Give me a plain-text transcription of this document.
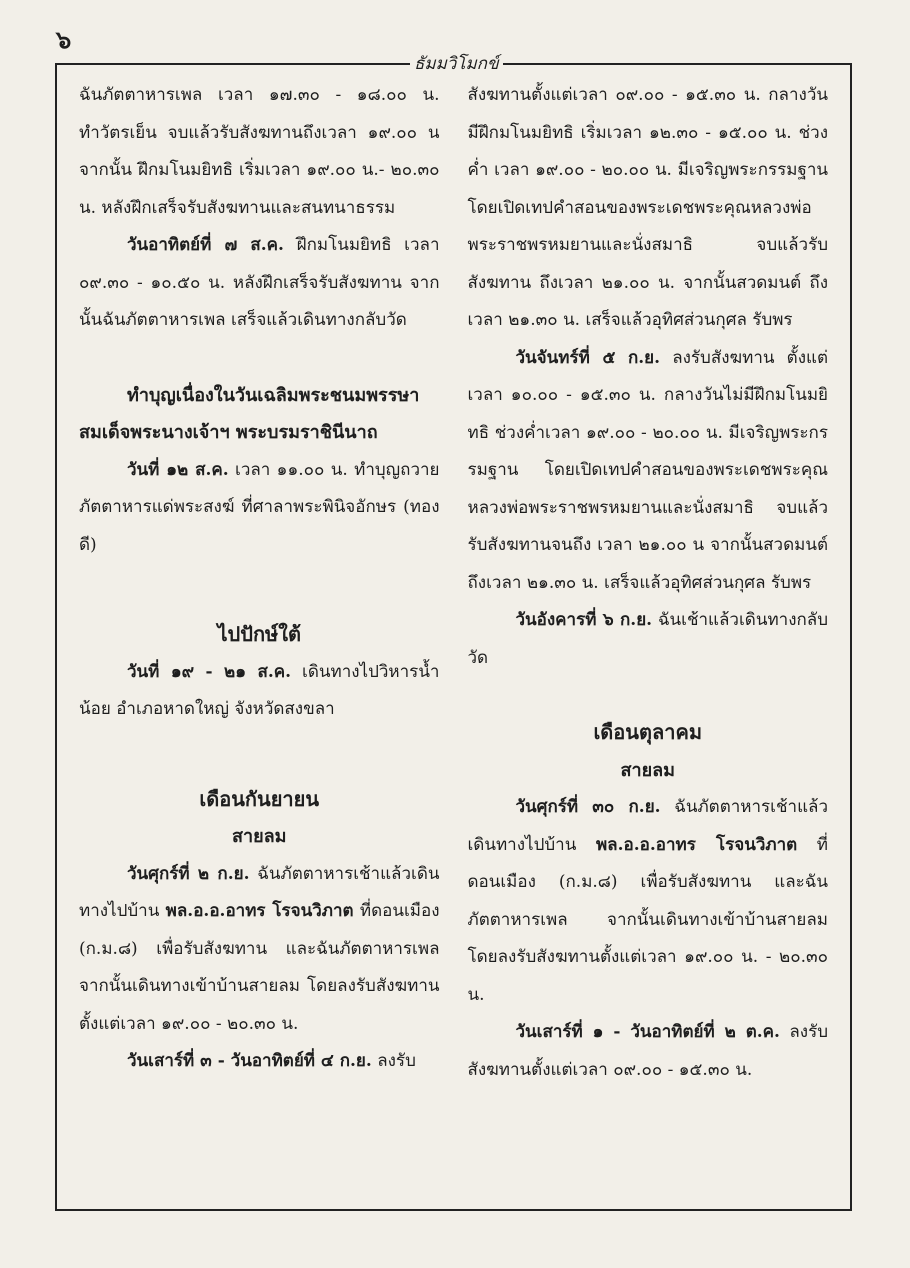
๖
ธัมมวิโมกข์

ฉันภัตตาหารเพล เวลา ๑๗.๓๐ - ๑๘.๐๐ น. ทำวัตรเย็น จบแล้วรับสังฆทานถึงเวลา ๑๙.๐๐ น จากนั้น ฝึกมโนมยิทธิ เริ่มเวลา ๑๙.๐๐ น.- ๒๐.๓๐ น. หลังฝึกเสร็จรับสังฆทานและสนทนาธรรม

วันอาทิตย์ที่ ๗ ส.ค. ฝึกมโนมยิทธิ เวลา ๐๙.๓๐ - ๑๐.๕๐ น. หลังฝึกเสร็จรับสังฆทาน จากนั้นฉันภัตตาหารเพล เสร็จแล้วเดินทางกลับวัด

ทำบุญเนื่องในวันเฉลิมพระชนมพรรษา

สมเด็จพระนางเจ้าฯ พระบรมราชินีนาถ

วันที่ ๑๒ ส.ค. เวลา ๑๑.๐๐ น. ทำบุญถวายภัตตาหารแด่พระสงฆ์ ที่ศาลาพระพินิจอักษร (ทองดี)

ไปปักษ์ใต้

วันที่ ๑๙ - ๒๑ ส.ค. เดินทางไปวิหารน้ำน้อย อำเภอหาดใหญ่ จังหวัดสงขลา

เดือนกันยายน
สายลม

วันศุกร์ที่ ๒ ก.ย. ฉันภัตตาหารเช้าแล้วเดินทางไปบ้าน พล.อ.อ.อาทร โรจนวิภาต ที่ดอนเมือง (ก.ม.๘) เพื่อรับสังฆทาน และฉันภัตตาหารเพล จากนั้นเดินทางเข้าบ้านสายลม โดยลงรับสังฆทานตั้งแต่เวลา ๑๙.๐๐ - ๒๐.๓๐ น.

วันเสาร์ที่ ๓ - วันอาทิตย์ที่ ๔ ก.ย. ลงรับ

สังฆทานตั้งแต่เวลา ๐๙.๐๐ - ๑๕.๓๐ น. กลางวันมีฝึกมโนมยิทธิ เริ่มเวลา ๑๒.๓๐ - ๑๕.๐๐ น. ช่วงค่ำ เวลา ๑๙.๐๐ - ๒๐.๐๐ น. มีเจริญพระกรรมฐาน โดยเปิดเทปคำสอนของพระเดชพระคุณหลวงพ่อพระราชพรหมยานและนั่งสมาธิ จบแล้วรับสังฆทาน ถึงเวลา ๒๑.๐๐ น. จากนั้นสวดมนต์ ถึงเวลา ๒๑.๓๐ น. เสร็จแล้วอุทิศส่วนกุศล รับพร

วันจันทร์ที่ ๕ ก.ย. ลงรับสังฆทาน ตั้งแต่เวลา ๑๐.๐๐ - ๑๕.๓๐ น. กลางวันไม่มีฝึกมโนมยิทธิ ช่วงค่ำเวลา ๑๙.๐๐ - ๒๐.๐๐ น. มีเจริญพระกรรมฐาน โดยเปิดเทปคำสอนของพระเดชพระคุณหลวงพ่อพระราชพรหมยานและนั่งสมาธิ จบแล้วรับสังฆทานจนถึง เวลา ๒๑.๐๐ น จากนั้นสวดมนต์ถึงเวลา ๒๑.๓๐ น. เสร็จแล้วอุทิศส่วนกุศล รับพร

วันอังคารที่ ๖ ก.ย. ฉันเช้าแล้วเดินทางกลับวัด

เดือนตุลาคม
สายลม

วันศุกร์ที่ ๓๐ ก.ย. ฉันภัตตาหารเช้าแล้วเดินทางไปบ้าน พล.อ.อ.อาทร โรจนวิภาต ที่ดอนเมือง (ก.ม.๘) เพื่อรับสังฆทาน และฉันภัตตาหารเพล จากนั้นเดินทางเข้าบ้านสายลม โดยลงรับสังฆทานตั้งแต่เวลา ๑๙.๐๐ น. - ๒๐.๓๐ น.

วันเสาร์ที่ ๑ - วันอาทิตย์ที่ ๒ ต.ค. ลงรับสังฆทานตั้งแต่เวลา ๐๙.๐๐ - ๑๕.๓๐ น.
